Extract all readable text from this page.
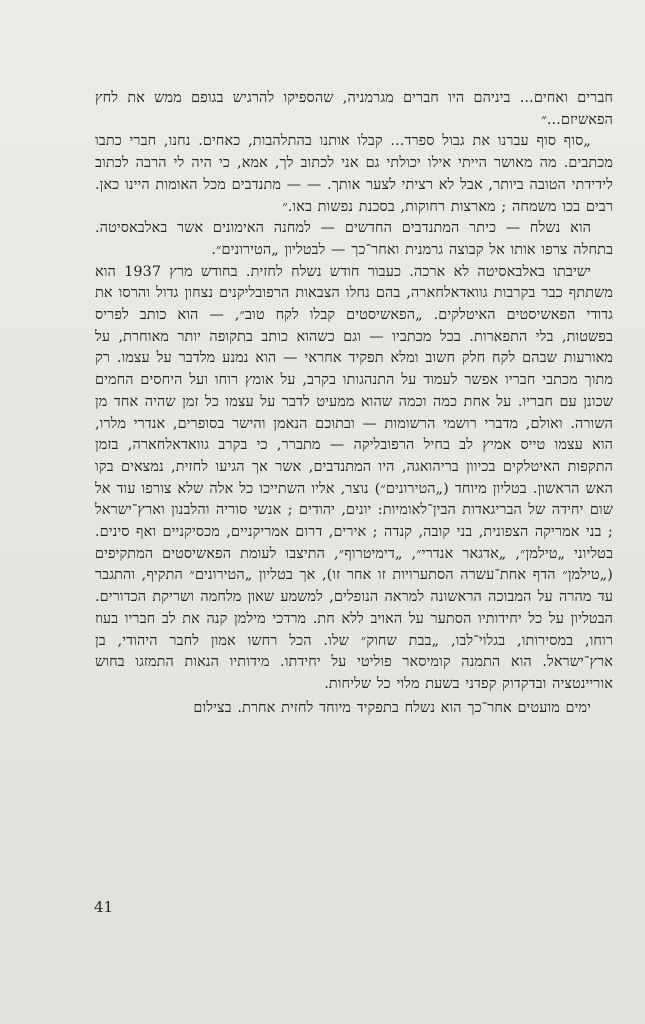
חברים ואחים... ביניהם היו חברים מגרמניה, שהספיקו להרגיש בגופם ממש את לחץ הפאשיזם...״

„סוף סוף עברנו את גבול ספרד... קבלו אותנו בהתלהבות, כאחים. נחנו, חברי כתבו מכתבים. מה מאושר הייתי אילו יכולתי גם אני לכתוב לך, אמא, כי היה לי הרבה לכתוב לידידתי הטובה ביותר, אבל לא רציתי לצער אותך. — — מתנדבים מכל האומות היינו כאן. רבים בכו משמחה ; מארצות רחוקות, בסכנת נפשות באו.״

הוא נשלח — כיתר המתנדבים החדשים — למחנה האימונים אשר באלבאסיטה. בתחלה צרפו אותו אל קבוצה גרמנית ואחר־כך — לבטליון „הטירונים״.

ישיבתו באלבאסיטה לא ארכה. כעבור חודש נשלח לחזית. בחודש מרץ 1937 הוא משתתף כבר בקרבות גוואדאלחארה, בהם נחלו הצבאות הרפובליקנים נצחון גדול והרסו את גדודי הפאשיסטים האיטלקים. „הפאשיסטים קבלו לקח טוב״, — הוא כותב לפריס בפשטות, בלי התפארות. בכל מכתביו — וגם כשהוא כותב בתקופה יותר מאוחרת, על מאורעות שבהם לקח חלק חשוב ומלא תפקיד אחראי — הוא נמנע מלדבר על עצמו. רק מתוך מכתבי חבריו אפשר לעמוד על התנהגותו בקרב, על אומץ רוחו ועל היחסים החמים שכונן עם חבריו. על אחת כמה וכמה שהוא ממעיט לדבר על עצמו כל זמן שהיה אחד מן השורה. ואולם, מדברי רושמי הרשומות — ובתוכם הנאמן והישר בסופרים, אנדרי מלרו, הוא עצמו טייס אמיץ לב בחיל הרפובליקה — מתברר, כי בקרב גוואדאלחארה, בזמן התקפות האיטלקים בכיוון בריהואגה, היו המתנדבים, אשר אך הגיעו לחזית, נמצאים בקו האש הראשון. בטליון מיוחד („הטירונים״) נוצר, אליו השתייכו כל אלה שלא צורפו עוד אל שום יחידה של הבריגאדות הבין־לאומיות: יונים, יהודים ; אנשי סוריה והלבנון וארץ־ישראל ; בני אמריקה הצפונית, בני קובה, קנדה ; אירים, דרום אמריקניים, מכסיקניים ואף סינים. בטליוני „טילמן״, „אדגאר אנדרי״, „דימיטרוף״, התיצבו לעומת הפאשיסטים המתקיפים („טילמן״ הדף אחת־עשרה הסתערויות זו אחר זו), אך בטליון „הטירונים״ התקיף, והתגבר עד מהרה על המבוכה הראשונה למראה הנופלים, למשמע שאון מלחמה ושריקת הכדורים. הבטליון על כל יחידותיו הסתער על האויב ללא חת. מרדכי מילמן קנה את לב חבריו בעוז רוחו, במסירותו, בגלוי־לבו, „בבת שחוק״ שלו. הכל רחשו אמון לחבר היהודי, בן ארץ־ישראל. הוא התמנה קומיסאר פוליטי על יחידתו. מידותיו הנאות התמזגו בחוש אוריינטציה ובדקדוק קפדני בשעת מלוי כל שליחות.

ימים מועטים אחר־כך הוא נשלח בתפקיד מיוחד לחזית אחרת. בצילום

41
